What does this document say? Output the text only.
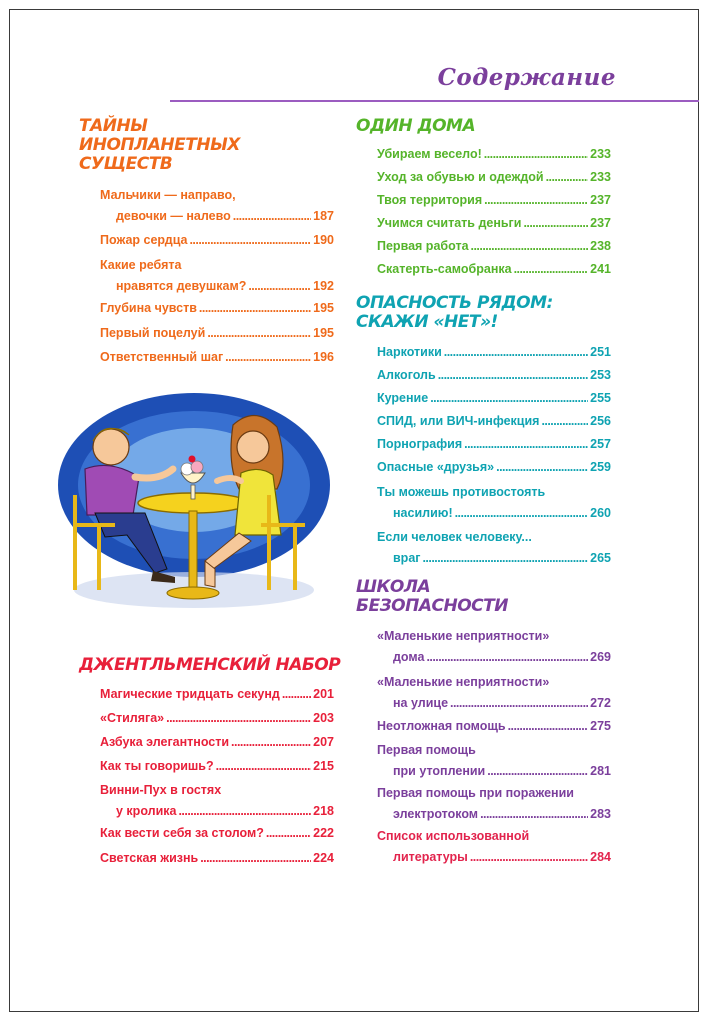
Содержание
ТАЙНЫ
ИНОПЛАНЕТНЫХ
СУЩЕСТВ
Мальчики — направо,
девочки — налево . . .	187
Пожар сердца . . .	190
Какие ребята
нравятся девушкам? . . .	192
Глубина чувств . . .	195
Первый поцелуй . . .	195
Ответственный шаг . . .	196
ДЖЕНТЛЬМЕНСКИЙ НАБОР
Магические тридцать секунд . . .	201
«Стиляга» . . .	203
Азбука элегантности . . .	207
Как ты говоришь? . . .	215
Винни-Пух в гостях
у кролика . . .	218
Как вести себя за столом? . . .	222
Светская жизнь . . .	224
ОДИН ДОМА
Убираем весело! . . .	233
Уход за обувью и одеждой . . .	233
Твоя территория . . .	237
Учимся считать деньги . . .	237
Первая работа . . .	238
Скатерть-самобранка . . .	241
ОПАСНОСТЬ РЯДОМ:
СКАЖИ «НЕТ»!
Наркотики . . .	251
Алкоголь . . .	253
Курение . . .	255
СПИД, или ВИЧ-инфекция . . .	256
Порнография . . .	257
Опасные «друзья» . . .	259
Ты можешь противостоять
насилию! . . .	260
Если человек человеку...
враг . . .	265
ШКОЛА
БЕЗОПАСНОСТИ
«Маленькие неприятности»
дома . . .	269
«Маленькие неприятности»
на улице . . .	272
Неотложная помощь . . .	275
Первая помощь
при утоплении . . .	281
Первая помощь при поражении
электротоком . . .	283
Список использованной
литературы . . .	284
